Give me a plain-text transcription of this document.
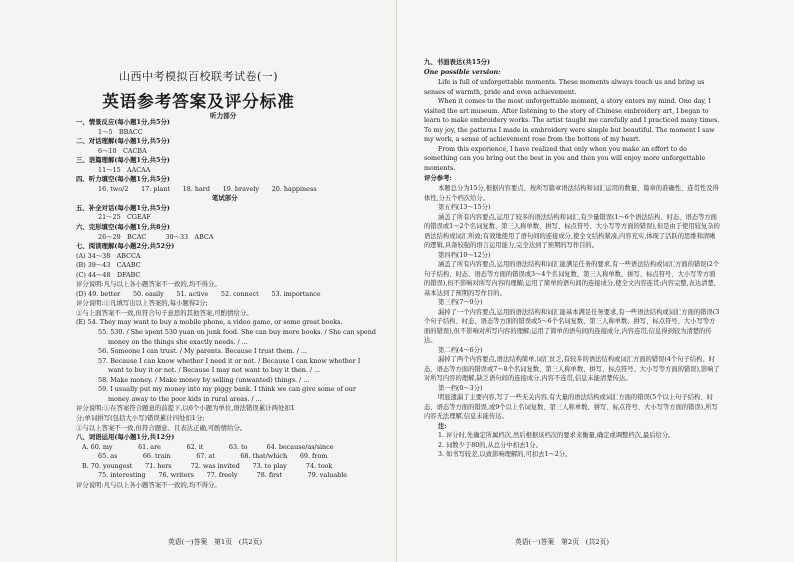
山西中考模拟百校联考试卷(一)
英语参考答案及评分标准
听力部分
一、情景反应(每小题1分,共5分)
1～5　BBACC
二、对话理解(每小题1分,共5分)
6～10　CACBA
三、语篇理解(每小题1分,共5分)
11～15　AACAA
四、听力填空(每小题1分,共5分)
16. two/2　　17. plant　　18. hard　　19. bravely　　20. happiness
笔试部分
五、补全对话(每小题1分,共5分)
21～25　CGEAF
六、完形填空(每小题1分,共8分)
26～29　BCAC　　　30～33　ABCA
七、阅读理解(每小题2分,共52分)
(A) 34～38　ABCCA
(B) 39～43　CAABC
(C) 44～48　DFABC
评分说明:凡与以上各小题答案不一致的,均不得分。
(D) 49. better　　50. easily　　51. active　　52. connect　　53. importance
评分说明:①凡填写出以上答案的,每小题得2分;
②与上面答案不一致,但符合句子意思的其他答案,可酌情给分。
(E) 54. They may want to buy a mobile phone, a video game, or some great books.
55. 530. / She spent 530 yuan on junk food. She can buy more books. / She can spend
money on the things she exactly needs. / ...
56. Someone I can trust. / My parents. Because I trust them. / ...
57. Because I can know whether I need it or not. / Because I can know whether I
want to buy it or not. / Because I may not want to buy it then. / ...
58. Make money. / Make money by selling (unwanted) things. / ...
59. I usually put my money into my piggy bank. I think we can give some of our
money away to the poor kids in rural areas. / ...
评分说明:①在答案符合题意的前提下,以6个小题为单位,语法错误累计两处扣1
分;单词拼写(包括大小写)错误累计四处扣1分;
②与以上答案不一致,但符合题意、且表达正确,可酌情给分。
八、词语运用(每小题1分,共12分)
A. 60. my　　　　61. are　　　　62. it　　　　63. to　　　64. because/as/since
65. as　　　　66. train　　　　67. at　　　　68. that/which　　69. from
B. 70. youngest　　71. hers　　　72. was invited　　73. to play　　　74. took
75. interesting　　76. writers　　77. freely　　　78. first　　　　79. valuable
评分说明:凡与以上各小题答案不一致的,均不得分。
英语(一)答案　第1页　(共2页)
九、书面表达(共15分)
One possible version:
Life is full of unforgettable moments. These moments always touch us and bring us senses of warmth, pride and even achievement.
When it comes to the most unforgettable moment, a story enters my mind. One day, I visited the art museum. After listening to the story of Chinese embroidery art, I began to learn to make embroidery works. The artist taught me carefully and I practiced many times. To my joy, the patterns I made in embroidery were simple but beautiful. The moment I saw my work, a sense of achievement rose from the bottom of my heart.
From this experience, I have realized that only when you make an effort to do something can you bring out the best in you and then you will enjoy more unforgettable moments.
评分参考:
本题总分为15分,根据内容要点、按所写篇章语法结构和词汇运用的数量、篇章的准确性、连贯性及得体性,分五个档次给分。
第五档(13～15分)
涵盖了所有内容要点,运用了较多的语法结构和词汇,有少量错误(1～6个语法结构、时态、语态等方面的错误或1～2个名词复数、第三人称单数、拼写、标点符号、大小写等方面的错误),但是由于使用较复杂的语法结构或词汇所致;有效地使用了语句间的连接成分,使全文结构紧凑,内容充实,体现了活跃的思维和清晰的逻辑,具备较强的语言运用能力,完全达到了预期的写作目的。
第四档(10～12分)
涵盖了所有内容要点,运用的语法结构和词汇能满足任务的要求,有一些语法结构或词汇方面的错误(2个句子结构、时态、语态等方面的错误或3～4个名词复数、第三人称单数、拼写、标点符号、大小写等方面的错误),但不影响对所写内容的理解;运用了简单的语句间的连接成分,使全文内容连贯;内容完整,表达清楚,基本达到了预期的写作目的。
第三档(7～9分)
漏掉了一个内容要点,运用的语法结构和词汇能基本满足任务要求,有一些语法结构或词汇方面的错误(3个句子结构、时态、语态等方面的错误或5～6个名词复数、第三人称单数、拼写、标点符号、大小写等方面的错误),但不影响对所写内容的理解;运用了简单的语句间的连接成分,内容连贯,信息得到较为清楚的传达。
第二档(4～6分)
漏掉了两个内容要点,语法结构简单,词汇贫乏,有较多的语法结构或词汇方面的错误(4个句子结构、时态、语态等方面的错误或7～8个名词复数、第三人称单数、拼写、标点符号、大小写等方面的错误),影响了对所写内容的理解,缺乏语句间的连接成分,内容不连贯,信息未能清楚传达。
第一档(0～3分)
明显遗漏了主要内容,写了一些无关内容,有大量的语法结构或词汇方面的错误(5个以上句子结构、时态、语态等方面的错误,或9个以上名词复数、第三人称单数、拼写、标点符号、大小写等方面的错误),所写内容无法理解,信息未能传达。
注:
1. 评分时,先确定所属档次,然后根据该档次的要求来衡量,确定或调整档次,最后给分。
2. 词数少于80的,从总分中扣去1分。
3. 如书写较差,以致影响理解的,可扣去1～2分。
英语(一)答案　第2页　(共2页)
